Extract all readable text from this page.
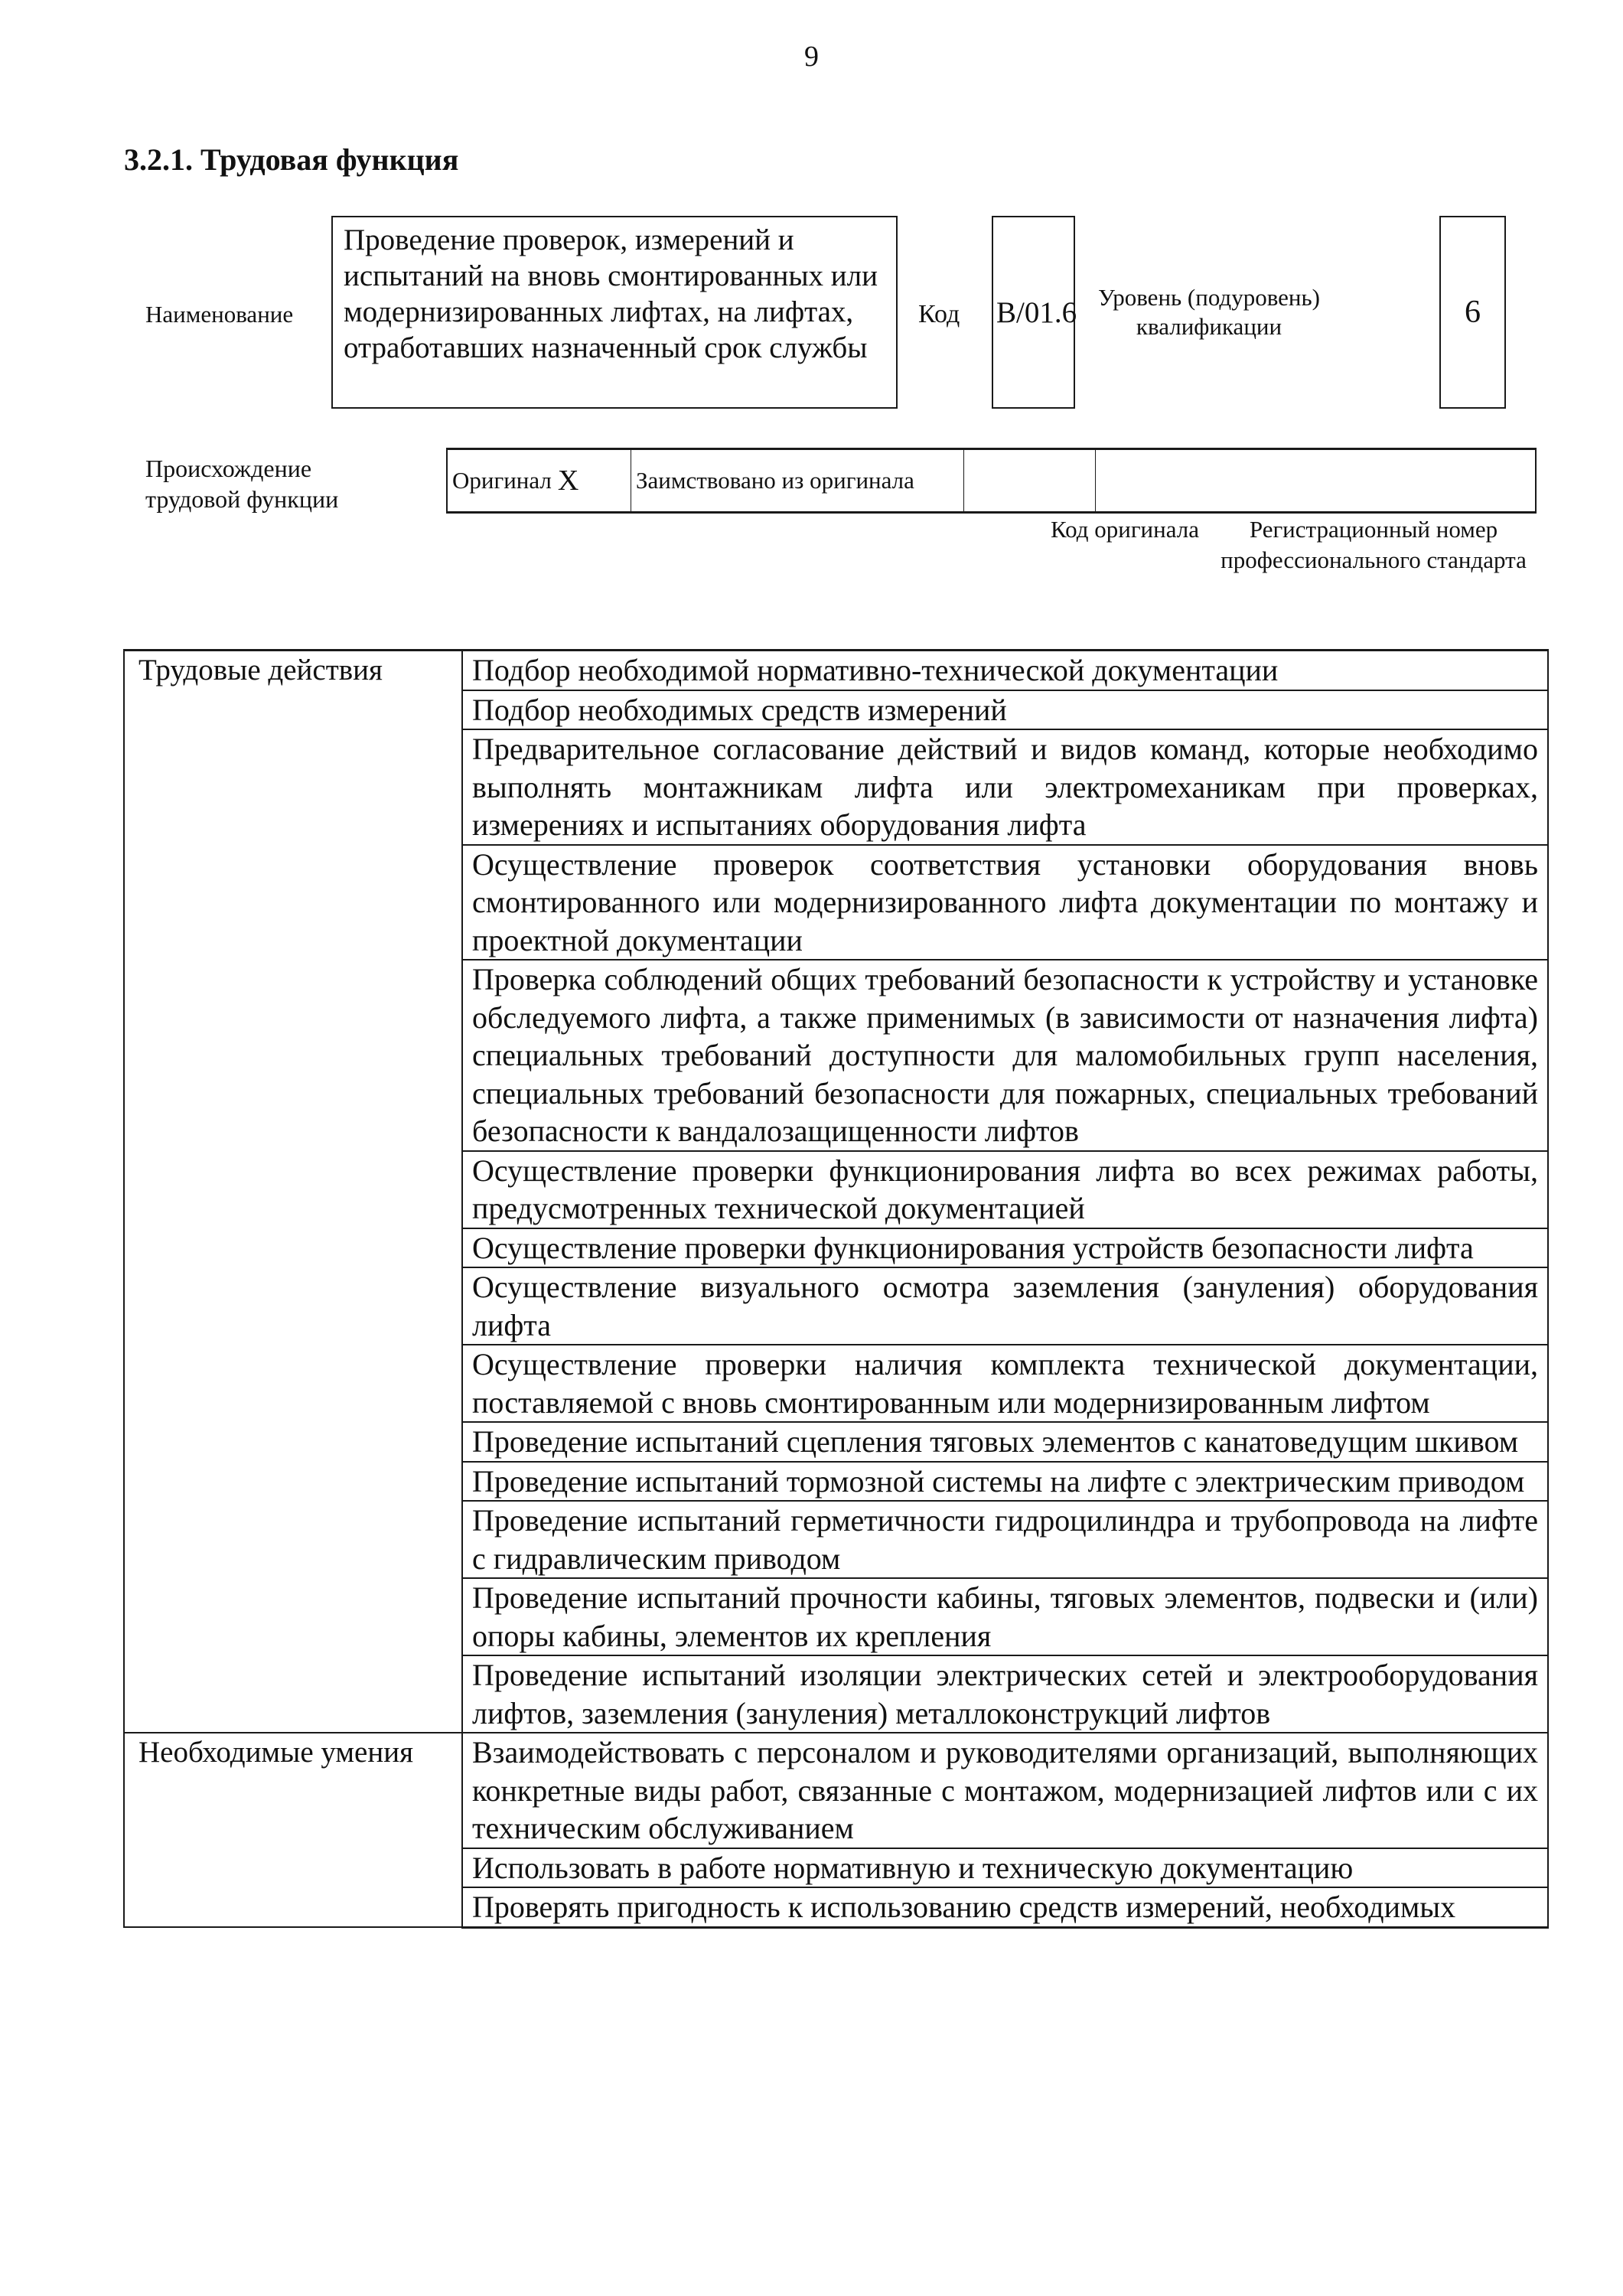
9
3.2.1. Трудовая функция
Наименование
Проведение проверок, измерений и испытаний на вновь смонтированных или модернизированных лифтах, на лифтах, отработавших назначенный срок службы
Код B/01.6 Уровень (подуровень) квалификации	6
Происхождение трудовой функции
Оригинал X Заимствовано из оригинала
Код оригинала	Регистрационный номер профессионального стандарта
Трудовые действия	Подбор необходимой нормативно-технической документации
	Подбор необходимых средств измерений
	Предварительное согласование действий и видов команд, которые необходимо выполнять монтажникам лифта или электромеханикам при проверках, измерениях и испытаниях оборудования лифта
	Осуществление проверок соответствия установки оборудования вновь смонтированного или модернизированного лифта документации по монтажу и проектной документации
	Проверка соблюдений общих требований безопасности к устройству и установке обследуемого лифта, а также применимых (в зависимости от назначения лифта) специальных требований доступности для маломобильных групп населения, специальных требований безопасности для пожарных, специальных требований безопасности к вандалозащищенности лифтов
	Осуществление проверки функционирования лифта во всех режимах работы, предусмотренных технической документацией
	Осуществление проверки функционирования устройств безопасности лифта
	Осуществление визуального осмотра заземления (зануления) оборудования лифта
	Осуществление проверки наличия комплекта технической документации, поставляемой с вновь смонтированным или модернизированным лифтом
	Проведение испытаний сцепления тяговых элементов с канатоведущим шкивом
	Проведение испытаний тормозной системы на лифте с электрическим приводом
	Проведение испытаний герметичности гидроцилиндра и трубопровода на лифте с гидравлическим приводом
	Проведение испытаний прочности кабины, тяговых элементов, подвески и (или) опоры кабины, элементов их крепления
	Проведение испытаний изоляции электрических сетей и электрооборудования лифтов, заземления (зануления) металлоконструкций лифтов
Необходимые умения	Взаимодействовать с персоналом и руководителями организаций, выполняющих конкретные виды работ, связанные с монтажом, модернизацией лифтов или с их техническим обслуживанием
	Использовать в работе нормативную и техническую документацию
	Проверять пригодность к использованию средств измерений, необходимых
